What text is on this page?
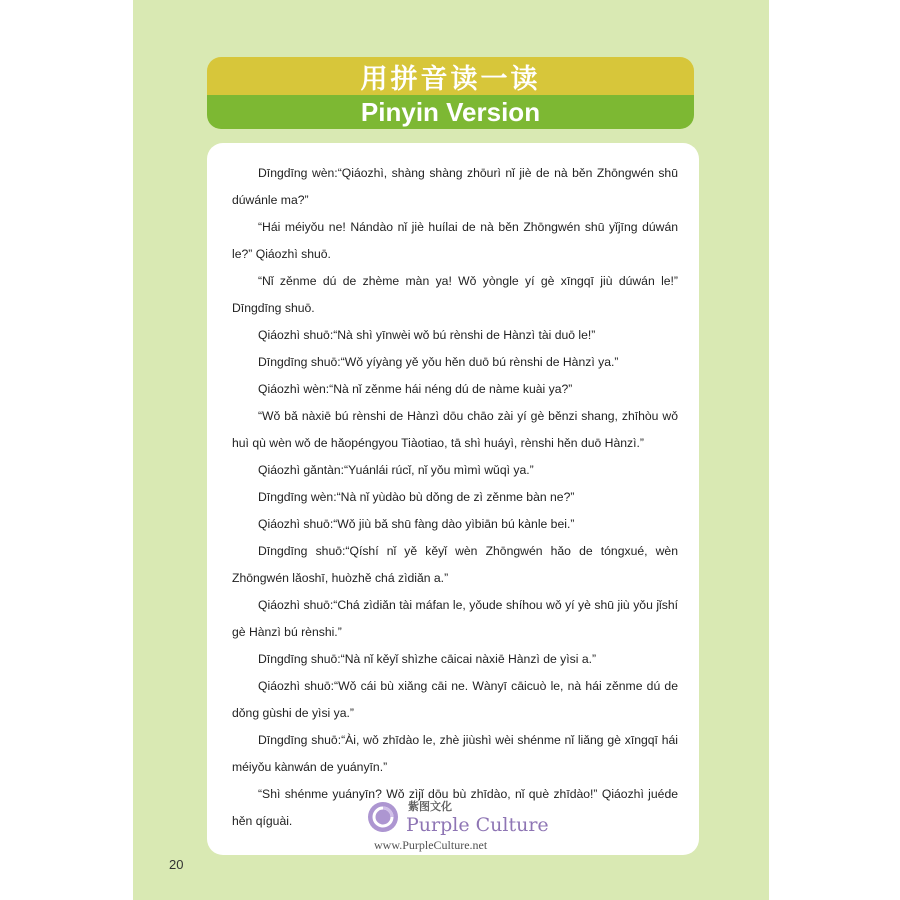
用拼音读一读
Pinyin Version

Dīngdīng wèn:“Qiáozhì, shàng shàng zhōurì nǐ jiè de nà běn Zhōngwén shū dúwánle ma?”

“Hái méiyǒu ne! Nándào nǐ jiè huílai de nà běn Zhōngwén shū yǐjīng dúwán le?” Qiáozhì shuō.

“Nǐ zěnme dú de zhème màn ya! Wǒ yòngle yí gè xīngqī jiù dúwán le!” Dīngdīng shuō.

Qiáozhì shuō:“Nà shì yīnwèi wǒ bú rènshi de Hànzì tài duō le!”

Dīngdīng shuō:“Wǒ yíyàng yě yǒu hěn duō bú rènshi de Hànzì ya.”

Qiáozhì wèn:“Nà nǐ zěnme hái néng dú de nàme kuài ya?”

“Wǒ bǎ nàxiē bú rènshi de Hànzì dōu chāo zài yí gè běnzi shang, zhīhòu wǒ huì qù wèn wǒ de hǎopéngyou Tiàotiao, tā shì huáyì, rènshi hěn duō Hànzì.”

Qiáozhì gǎntàn:“Yuánlái rúcǐ, nǐ yǒu mìmì wǔqì ya.”

Dīngdīng wèn:“Nà nǐ yùdào bù dǒng de zì zěnme bàn ne?”

Qiáozhì shuō:“Wǒ jiù bǎ shū fàng dào yìbiān bú kànle bei.”

Dīngdīng shuō:“Qíshí nǐ yě kěyǐ wèn Zhōngwén hǎo de tóngxué, wèn Zhōngwén lǎoshī, huòzhě chá zìdiǎn a.”

Qiáozhì shuō:“Chá zìdiǎn tài máfan le, yǒude shíhou wǒ yí yè shū jiù yǒu jǐshí gè Hànzì bú rènshi.”

Dīngdīng shuō:“Nà nǐ kěyǐ shìzhe cāicai nàxiē Hànzì de yìsi a.”

Qiáozhì shuō:“Wǒ cái bù xiǎng cāi ne. Wànyī cāicuò le, nà hái zěnme dú de dǒng gùshi de yìsi ya.”

Dīngdīng shuō:“Ài, wǒ zhīdào le, zhè jiùshì wèi shénme nǐ liǎng gè xīngqī hái méiyǒu kànwán de yuányīn.”

“Shì shénme yuányīn? Wǒ zìjǐ dōu bù zhīdào, nǐ què zhīdào!” Qiáozhì juéde hěn qíguài.

20
紫图文化
Purple Culture
www.PurpleCulture.net
